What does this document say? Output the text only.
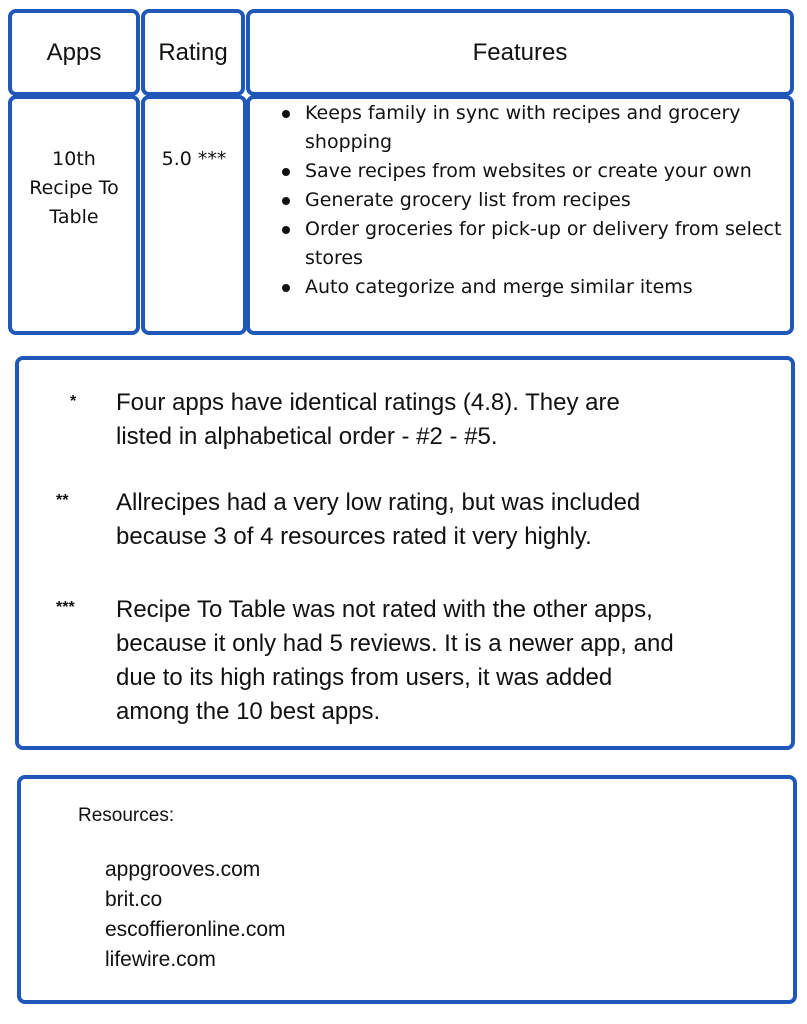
Apps	Rating	Features
10th
Recipe To
Table
5.0 ***
Keeps family in sync with recipes and grocery shopping
Save recipes from websites or create your own
Generate grocery list from recipes
Order groceries for pick-up or delivery from select stores
Auto categorize and merge similar items
* Four apps have identical ratings (4.8). They are
listed in alphabetical order - #2 - #5.
** Allrecipes had a very low rating, but was included
because 3 of 4 resources rated it very highly.
*** Recipe To Table was not rated with the other apps,
because it only had 5 reviews. It is a newer app, and
due to its high ratings from users, it was added
among the 10 best apps.
Resources:
appgrooves.com
brit.co
escoffieronline.com
lifewire.com
